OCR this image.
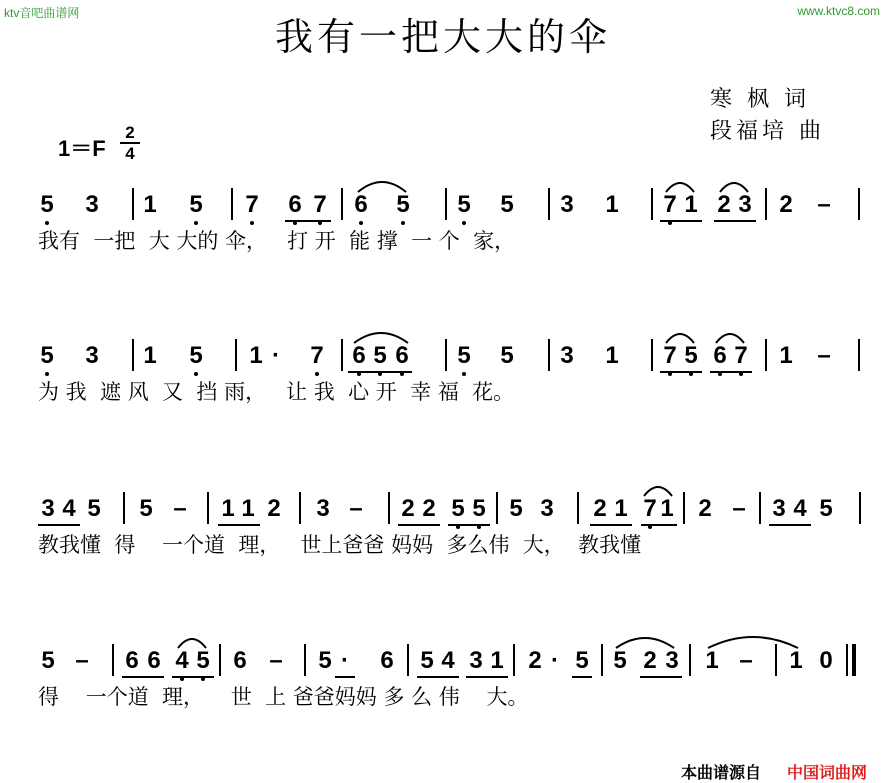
ktv音吧曲谱网	www.ktvc8.com
我有一把大大的伞
寒 枫 词
段福培 曲
1＝F
2
4
5 3 1 5 7 6 7 6 5 5 5 3 1 7 1 2 3 2 –
我有  一把  大 大的 伞，   打 开  能 撑  一 个  家，
5 3 1 5 1 ·	7 6 5 6 5 5 3 1 7 5 6 7 1 –
为 我  遮 风  又  挡 雨，   让 我  心 开  幸 福  花。
3 4 5 5 – 1 1 2 3 – 2 2 5 5 5 3 2 1 7 1 2 – 3 4 5
教我懂  得    一个道  理，   世上爸爸 妈妈  多么伟  大，  教我懂
5 – 6 6 4 5 6 – 5 ·	6 5 4 3 1 2 · 5 5 2 3 1 – 1 0
得    一个道  理，    世  上 爸爸妈妈 多 么 伟    大。
本曲谱源自 中国词曲网
